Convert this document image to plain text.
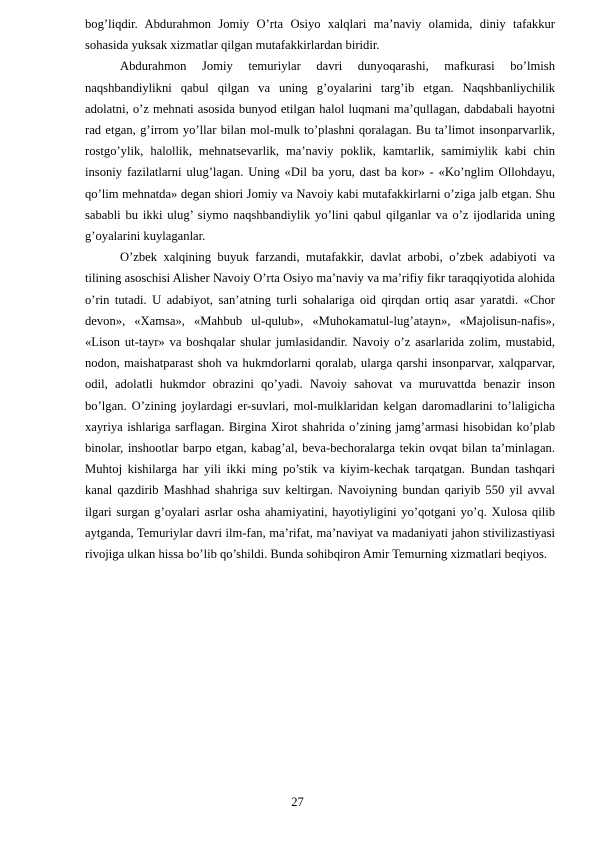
bog’liqdir. Abdurahmon Jomiy O’rta Osiyo xalqlari ma’naviy olamida, diniy tafakkur sohasida yuksak xizmatlar qilgan mutafakkirlardan biridir.

Abdurahmon Jomiy temuriylar davri dunyoqarashi, mafkurasi bo’lmish naqshbandiylikni qabul qilgan va uning g’oyalarini targ’ib etgan. Naqshbanliychilik adolatni, o’z mehnati asosida bunyod etilgan halol luqmani ma’qullagan, dabdabali hayotni rad etgan, g’irrom yo’llar bilan mol-mulk to’plashni qoralagan. Bu ta’limot insonparvarlik, rostgo’ylik, halollik, mehnatsevarlik, ma’naviy poklik, kamtarlik, samimiylik kabi chin insoniy fazilatlarni ulug’lagan. Uning «Dil ba yoru, dast ba kor» - «Ko’nglim Ollohdayu, qo’lim mehnatda» degan shiori Jomiy va Navoiy kabi mutafakkirlarni o’ziga jalb etgan. Shu sababli bu ikki ulug’ siymo naqshbandiylik yo’lini qabul qilganlar va o’z ijodlarida uning g’oyalarini kuylaganlar.

O’zbek xalqining buyuk farzandi, mutafakkir, davlat arbobi, o’zbek adabiyoti va tilining asoschisi Alisher Navoiy O’rta Osiyo ma’naviy va ma’rifiy fikr taraqqiyotida alohida o’rin tutadi. U adabiyot, san’atning turli sohalariga oid qirqdan ortiq asar yaratdi. «Chor devon», «Xamsa», «Mahbub ul-qulub», «Muhokamatul-lug’atayn», «Majolisun-nafis», «Lison ut-tayr» va boshqalar shular jumlasidandir. Navoiy o’z asarlarida zolim, mustabid, nodon, maishatparast shoh va hukmdorlarni qoralab, ularga qarshi insonparvar, xalqparvar, odil, adolatli hukmdor obrazini qo’yadi. Navoiy sahovat va muruvattda benazir inson bo’lgan. O’zining joylardagi er-suvlari, mol-mulklaridan kelgan daromadlarini to’laligicha xayriya ishlariga sarflagan. Birgina Xirot shahrida o’zining jamg’armasi hisobidan ko’plab binolar, inshootlar barpo etgan, kabag’al, beva-bechoralarga tekin ovqat bilan ta’minlagan. Muhtoj kishilarga har yili ikki ming po’stik va kiyim-kechak tarqatgan. Bundan tashqari kanal qazdirib Mashhad shahriga suv keltirgan. Navoiyning bundan qariyib 550 yil avval ilgari surgan g’oyalari asrlar osha ahamiyatini, hayotiyligini yo’qotgani yo’q. Xulosa qilib aytganda, Temuriylar davri ilm-fan, ma’rifat, ma’naviyat va madaniyati jahon stivilizastiyasi rivojiga ulkan hissa bo’lib qo’shildi. Bunda sohibqiron Amir Temurning xizmatlari beqiyos.

27
